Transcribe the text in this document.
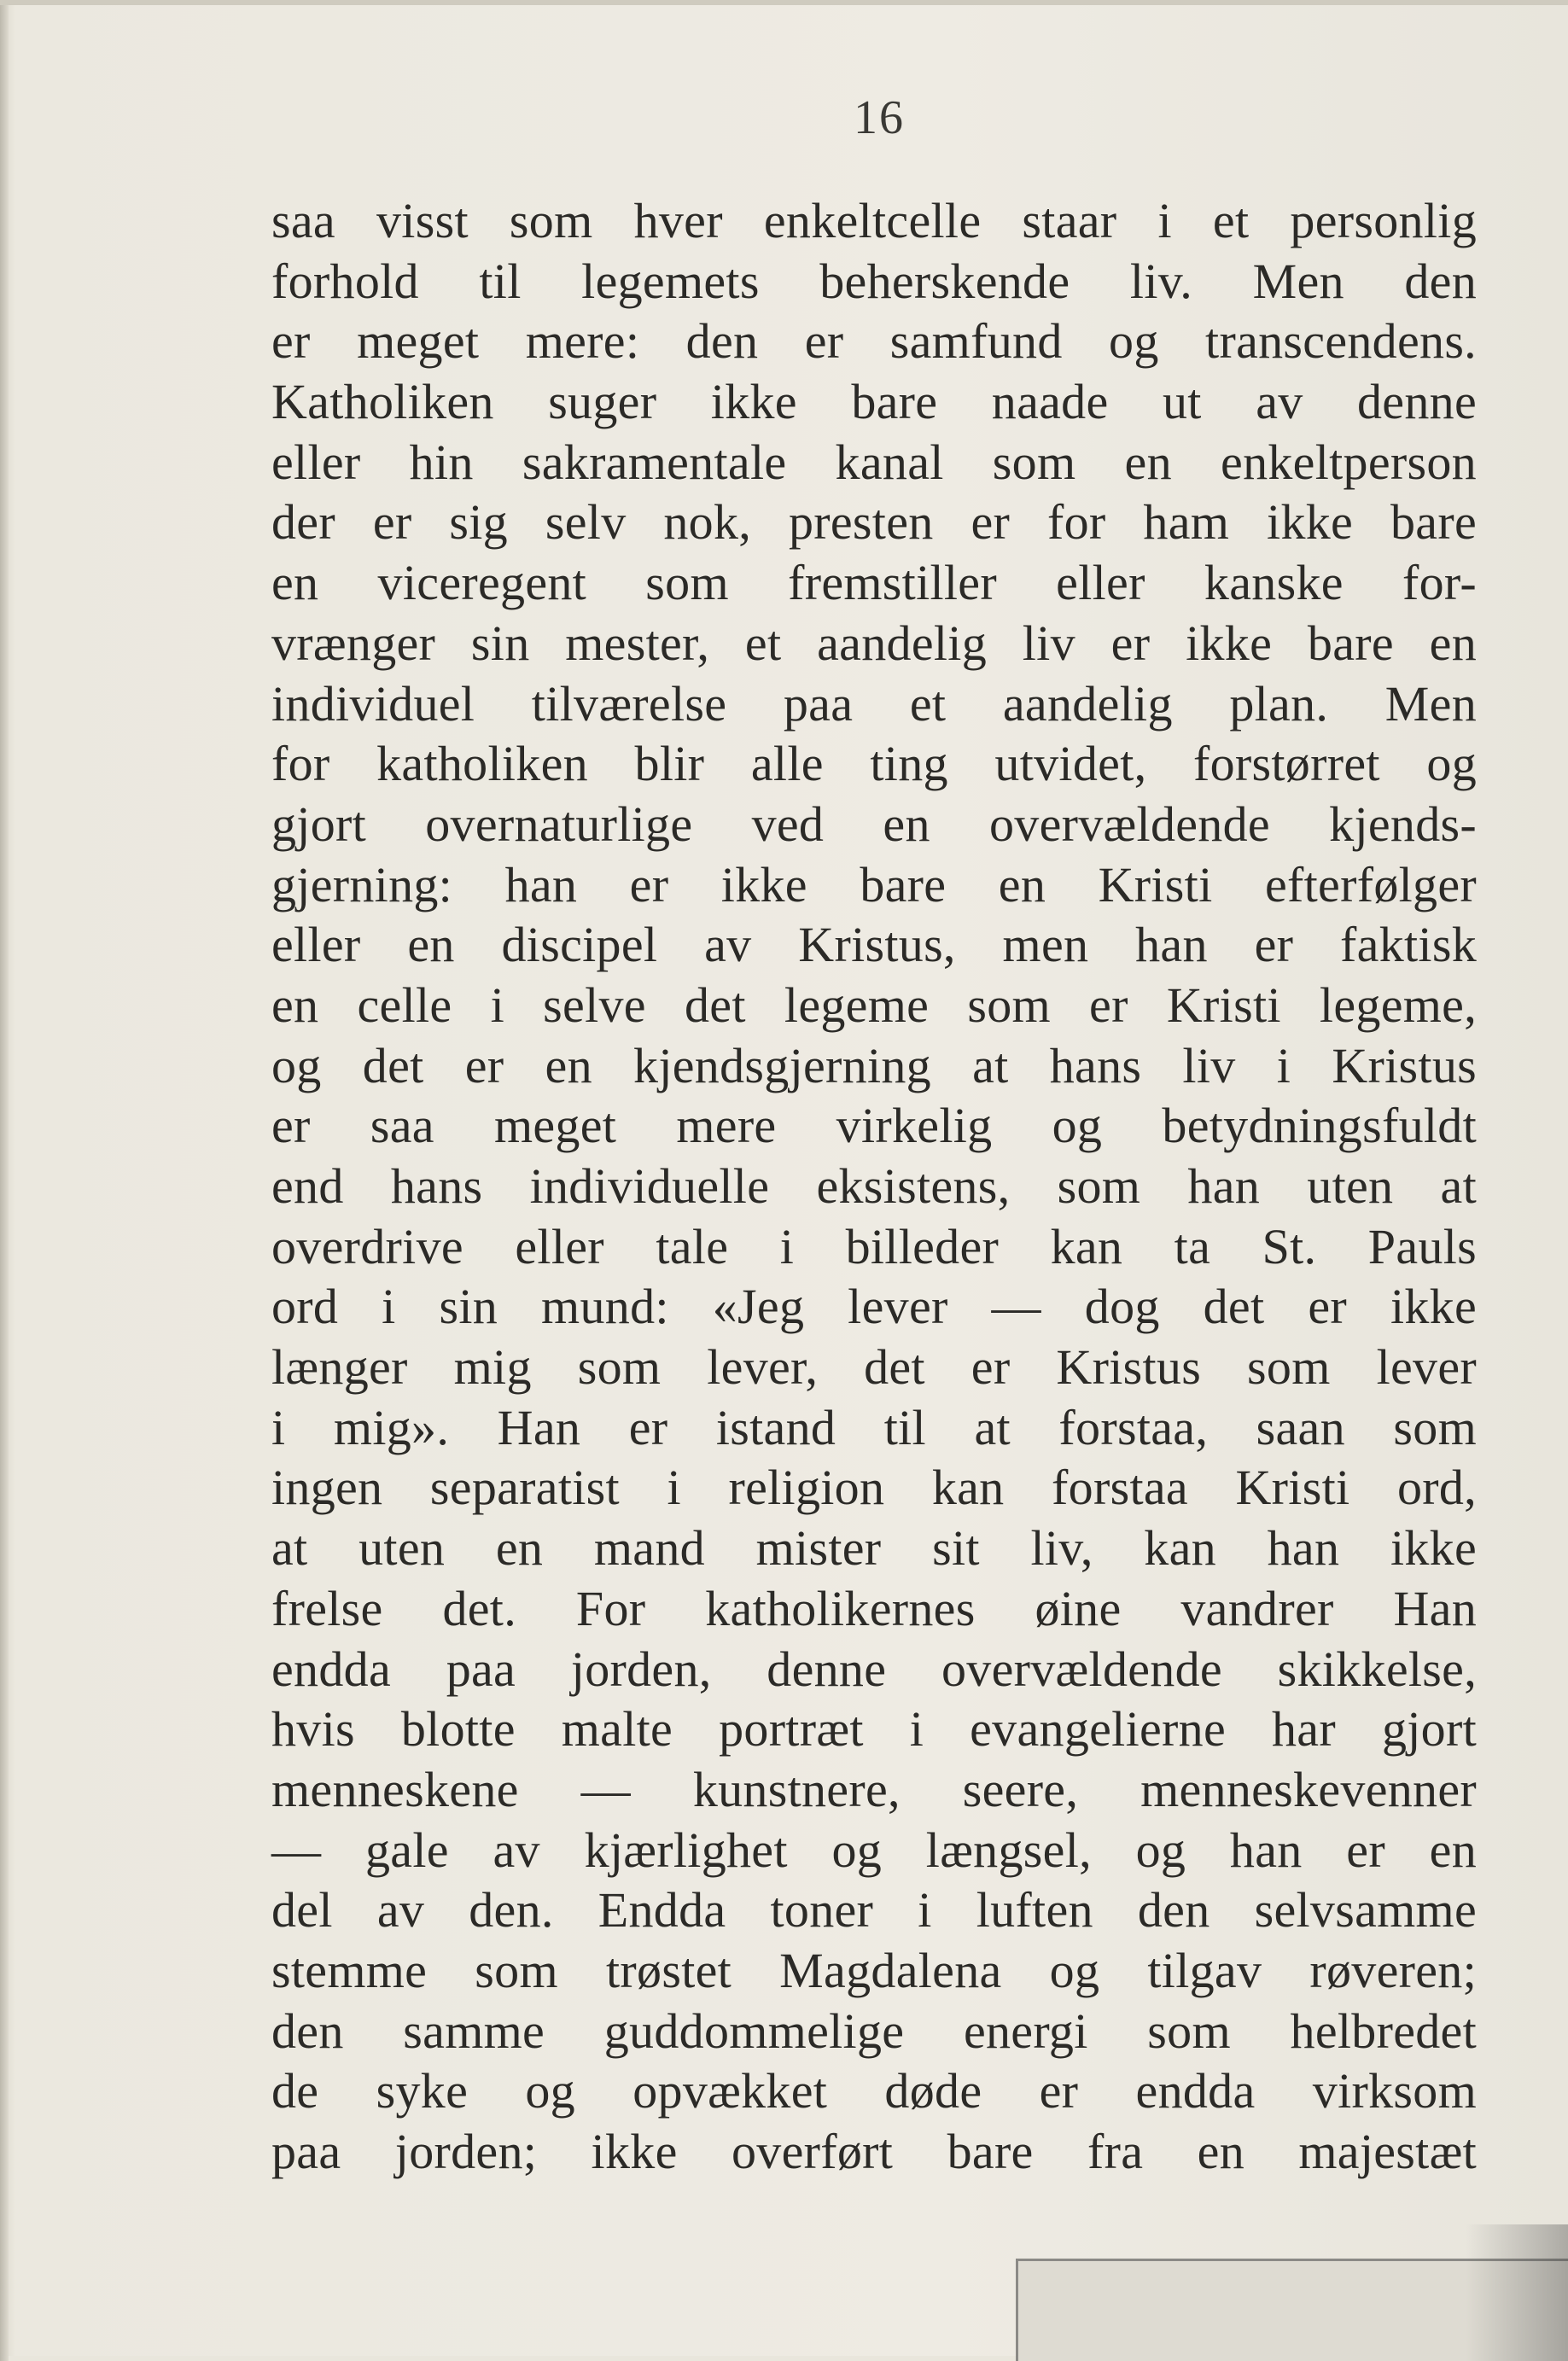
16
saa visst som hver enkeltcelle staar i et personlig
forhold til legemets beherskende liv. Men den
er meget mere: den er samfund og transcendens.
Katholiken suger ikke bare naade ut av denne
eller hin sakramentale kanal som en enkeltperson
der er sig selv nok, presten er for ham ikke bare
en viceregent som fremstiller eller kanske for-
vrænger sin mester, et aandelig liv er ikke bare en
individuel tilværelse paa et aandelig plan. Men
for katholiken blir alle ting utvidet, forstørret og
gjort overnaturlige ved en overvældende kjends-
gjerning: han er ikke bare en Kristi efterfølger
eller en discipel av Kristus, men han er faktisk
en celle i selve det legeme som er Kristi legeme,
og det er en kjendsgjerning at hans liv i Kristus
er saa meget mere virkelig og betydningsfuldt
end hans individuelle eksistens, som han uten at
overdrive eller tale i billeder kan ta St. Pauls
ord i sin mund: «Jeg lever — dog det er ikke
længer mig som lever, det er Kristus som lever
i mig». Han er istand til at forstaa, saan som
ingen separatist i religion kan forstaa Kristi ord,
at uten en mand mister sit liv, kan han ikke
frelse det. For katholikernes øine vandrer Han
endda paa jorden, denne overvældende skikkelse,
hvis blotte malte portræt i evangelierne har gjort
menneskene — kunstnere, seere, menneskevenner
— gale av kjærlighet og længsel, og han er en
del av den. Endda toner i luften den selvsamme
stemme som trøstet Magdalena og tilgav røveren;
den samme guddommelige energi som helbredet
de syke og opvækket døde er endda virksom
paa jorden; ikke overført bare fra en majestæt
